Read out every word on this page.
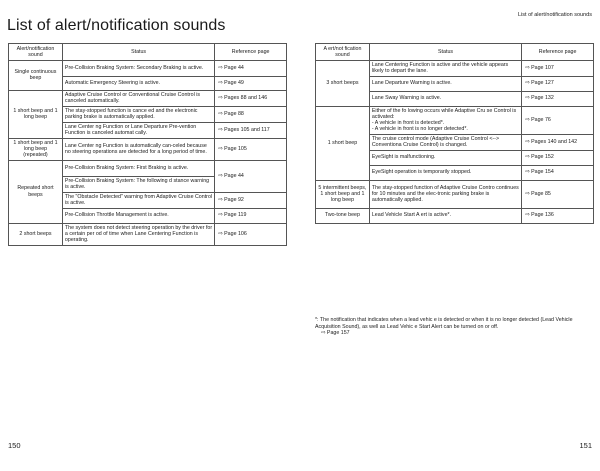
List of alert/notification sounds
List of alert/notification sounds
Alert/notification sound	Status	Reference page
Single continuous beep	Pre-Collision Braking System: Secondary Braking is active.	⇨ Page 44
	Automatic Emergency Steering is active.	⇨ Page 49
1 short beep and 1 long beep	Adaptive Cruise Control or Conventional Cruise Control is canceled automatically.	⇨ Pages 88 and 146
	The stay-stopped function is cance ed and the electronic parking brake is automatically applied.	⇨ Page 88
	Lane Center ng Function or Lane Departure Pre-vention Function is canceled automat cally.	⇨ Pages 105 and 117
1 short beep and 1 long beep (repeated)	Lane Center ng Function is automatically can-celed because no steering operations are detected for a long period of time.	⇨ Page 105
Repeated short beeps	Pre-Collision Braking System: First Braking is active.	⇨ Page 44
	Pre-Collision Braking System: The following d stance warning is active.	
	The "Obstacle Detected" warning from Adaptive Cruise Control is active.	⇨ Page 92
	Pre-Collision Throttle Management is active.	⇨ Page 119
2 short beeps	The system does not detect steering operation by the driver for a certain per od of time when Lane Centering Function is operating.	⇨ Page 106
A ert/not fication sound	Status	Reference page
3 short beeps	Lane Centering Function is active and the vehicle appears likely to depart the lane.	⇨ Page 107
	Lane Departure Warning is active.	⇨ Page 127
	Lane Sway Warning is active.	⇨ Page 132
1 short beep	Either of the fo lowing occurs while Adaptive Cru se Control is activated:
- A vehicle in front is detected*.
- A vehicle in front is no longer detected*.	⇨ Page 76
	The cruise control mode (Adaptive Cruise Control <--> Conventiona Cruise Control) is changed.	⇨ Pages 140 and 142
	EyeSight is malfunctioning.	⇨ Page 152
	EyeSight operation is temporarily stopped.	⇨ Page 154
5 intermittent beeps, 1 short beep and 1 long beep	The stay-stopped function of Adaptive Cruise Contro continues for 10 minutes and the elec-tronic parking brake is automatically applied.	⇨ Page 85
Two-tone beep	Lead Vehicle Start A ert is active*.	⇨ Page 136
*: The notification that indicates when a lead vehic e is detected or when it is no longer detected (Lead Vehicle Acquisition Sound), as well as Lead Vehic e Start Alert can be turned on or off.
⇨ Page 157
150	151
